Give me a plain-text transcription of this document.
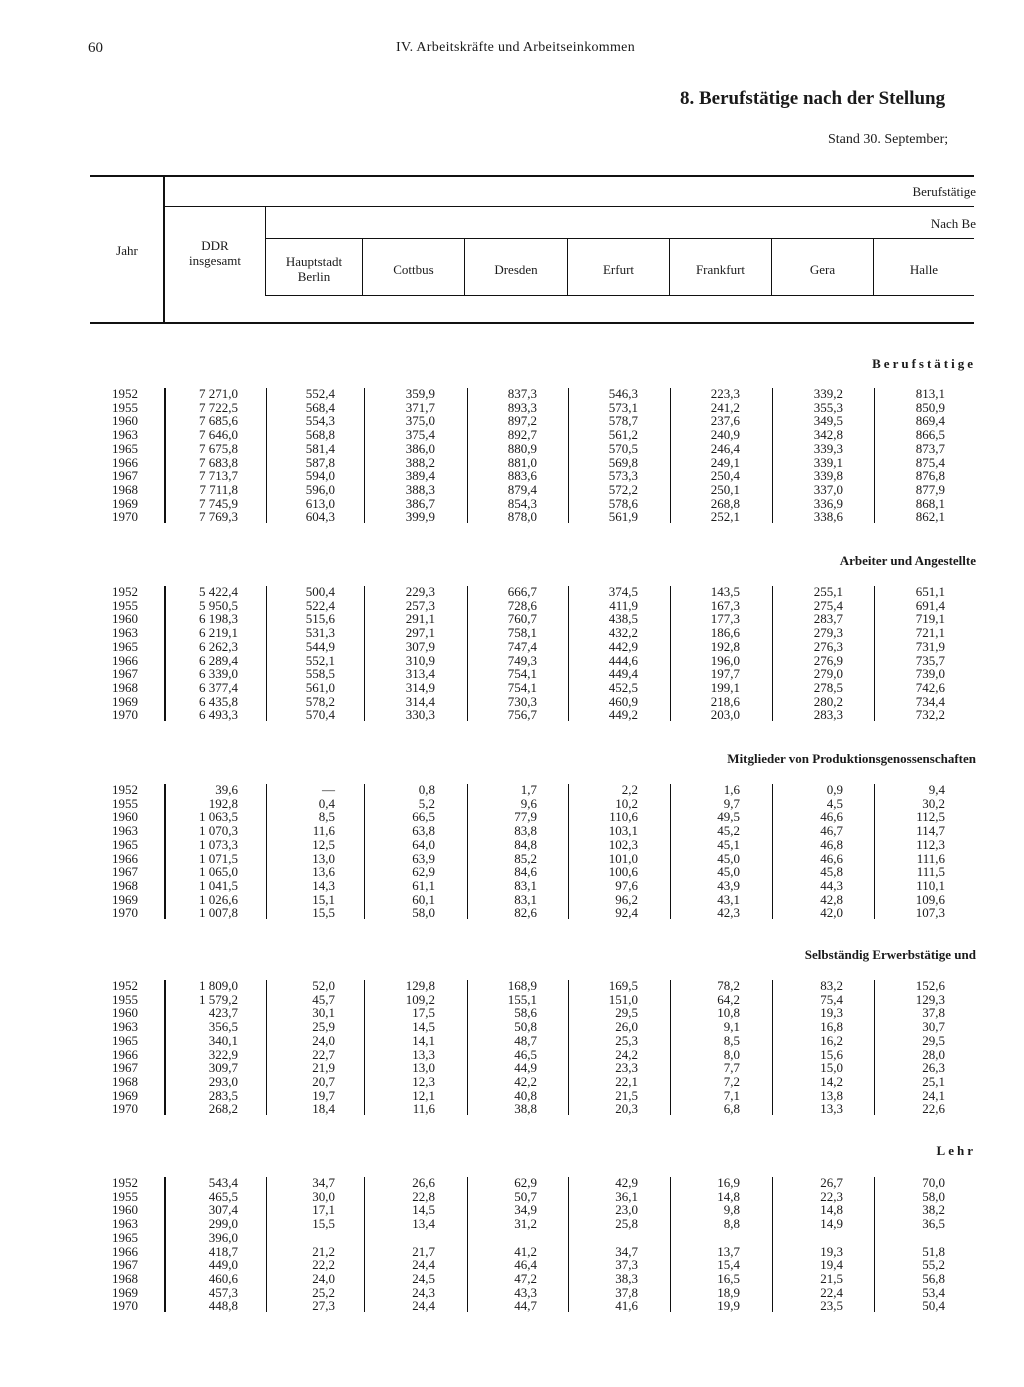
60	IV. Arbeitskräfte und Arbeitseinkommen
8. Berufstätige nach der Stellung
Stand 30. September;
Jahr	DDR
insgesamt
Berufstätige
Nach Be
Hauptstadt
Berlin	Cottbus	Dresden	Erfurt	Frankfurt	Gera	Halle
Berufstätige
1952	7 271,0	552,4	359,9	837,3	546,3	223,3	339,2	813,1
1955	7 722,5	568,4	371,7	893,3	573,1	241,2	355,3	850,9
1960	7 685,6	554,3	375,0	897,2	578,7	237,6	349,5	869,4
1963	7 646,0	568,8	375,4	892,7	561,2	240,9	342,8	866,5
1965	7 675,8	581,4	386,0	880,9	570,5	246,4	339,3	873,7
1966	7 683,8	587,8	388,2	881,0	569,8	249,1	339,1	875,4
1967	7 713,7	594,0	389,4	883,6	573,3	250,4	339,8	876,8
1968	7 711,8	596,0	388,3	879,4	572,2	250,1	337,0	877,9
1969	7 745,9	613,0	386,7	854,3	578,6	268,8	336,9	868,1
1970	7 769,3	604,3	399,9	878,0	561,9	252,1	338,6	862,1
Arbeiter und Angestellte
1952	5 422,4	500,4	229,3	666,7	374,5	143,5	255,1	651,1
1955	5 950,5	522,4	257,3	728,6	411,9	167,3	275,4	691,4
1960	6 198,3	515,6	291,1	760,7	438,5	177,3	283,7	719,1
1963	6 219,1	531,3	297,1	758,1	432,2	186,6	279,3	721,1
1965	6 262,3	544,9	307,9	747,4	442,9	192,8	276,3	731,9
1966	6 289,4	552,1	310,9	749,3	444,6	196,0	276,9	735,7
1967	6 339,0	558,5	313,4	754,1	449,4	197,7	279,0	739,0
1968	6 377,4	561,0	314,9	754,1	452,5	199,1	278,5	742,6
1969	6 435,8	578,2	314,4	730,3	460,9	218,6	280,2	734,4
1970	6 493,3	570,4	330,3	756,7	449,2	203,0	283,3	732,2
Mitglieder von Produktionsgenossenschaften
1952	39,6	—	0,8	1,7	2,2	1,6	0,9	9,4
1955	192,8	0,4	5,2	9,6	10,2	9,7	4,5	30,2
1960	1 063,5	8,5	66,5	77,9	110,6	49,5	46,6	112,5
1963	1 070,3	11,6	63,8	83,8	103,1	45,2	46,7	114,7
1965	1 073,3	12,5	64,0	84,8	102,3	45,1	46,8	112,3
1966	1 071,5	13,0	63,9	85,2	101,0	45,0	46,6	111,6
1967	1 065,0	13,6	62,9	84,6	100,6	45,0	45,8	111,5
1968	1 041,5	14,3	61,1	83,1	97,6	43,9	44,3	110,1
1969	1 026,6	15,1	60,1	83,1	96,2	43,1	42,8	109,6
1970	1 007,8	15,5	58,0	82,6	92,4	42,3	42,0	107,3
Selbständig Erwerbstätige und
1952	1 809,0	52,0	129,8	168,9	169,5	78,2	83,2	152,6
1955	1 579,2	45,7	109,2	155,1	151,0	64,2	75,4	129,3
1960	423,7	30,1	17,5	58,6	29,5	10,8	19,3	37,8
1963	356,5	25,9	14,5	50,8	26,0	9,1	16,8	30,7
1965	340,1	24,0	14,1	48,7	25,3	8,5	16,2	29,5
1966	322,9	22,7	13,3	46,5	24,2	8,0	15,6	28,0
1967	309,7	21,9	13,0	44,9	23,3	7,7	15,0	26,3
1968	293,0	20,7	12,3	42,2	22,1	7,2	14,2	25,1
1969	283,5	19,7	12,1	40,8	21,5	7,1	13,8	24,1
1970	268,2	18,4	11,6	38,8	20,3	6,8	13,3	22,6
Lehr
1952	543,4	34,7	26,6	62,9	42,9	16,9	26,7	70,0
1955	465,5	30,0	22,8	50,7	36,1	14,8	22,3	58,0
1960	307,4	17,1	14,5	34,9	23,0	9,8	14,8	38,2
1963	299,0	15,5	13,4	31,2	25,8	8,8	14,9	36,5
1965	396,0
1966	418,7	21,2	21,7	41,2	34,7	13,7	19,3	51,8
1967	449,0	22,2	24,4	46,4	37,3	15,4	19,4	55,2
1968	460,6	24,0	24,5	47,2	38,3	16,5	21,5	56,8
1969	457,3	25,2	24,3	43,3	37,8	18,9	22,4	53,4
1970	448,8	27,3	24,4	44,7	41,6	19,9	23,5	50,4
